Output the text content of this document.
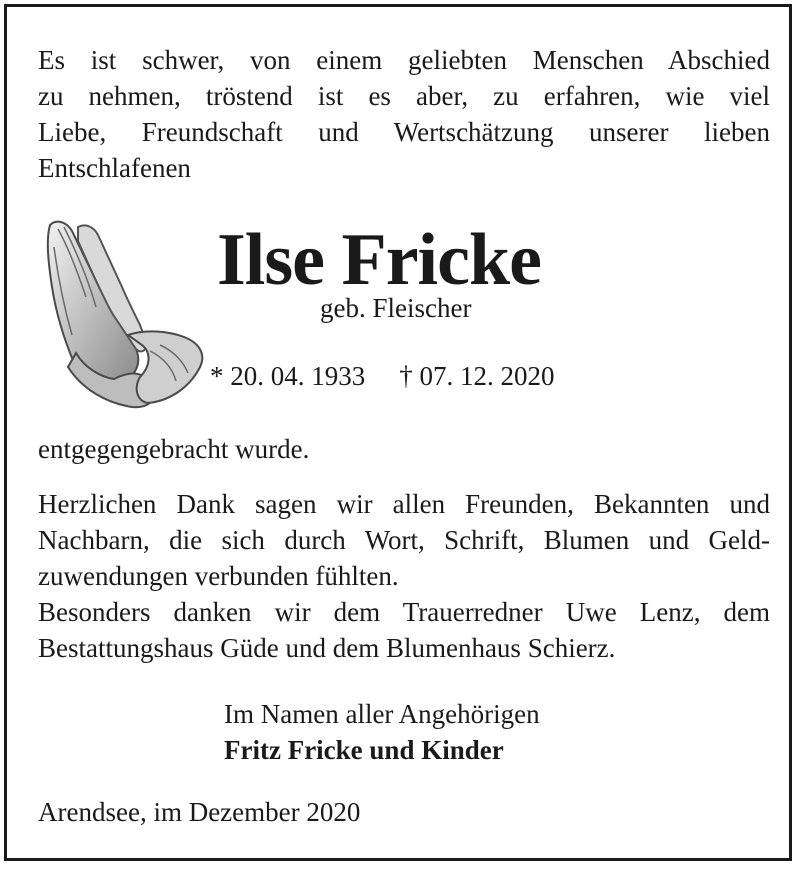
Es ist schwer, von einem geliebten Menschen Abschied
zu nehmen, tröstend ist es aber, zu erfahren, wie viel
Liebe, Freundschaft und Wertschätzung unserer lieben
Entschlafenen
Ilse Fricke
geb. Fleischer
* 20. 04. 1933 † 07. 12. 2020
entgegengebracht wurde.
Herzlichen Dank sagen wir allen Freunden, Bekannten und
Nachbarn, die sich durch Wort, Schrift, Blumen und Geld-
zuwendungen verbunden fühlten.
Besonders danken wir dem Trauerredner Uwe Lenz, dem
Bestattungshaus Güde und dem Blumenhaus Schierz.
Im Namen aller Angehörigen
Fritz Fricke und Kinder
Arendsee, im Dezember 2020
